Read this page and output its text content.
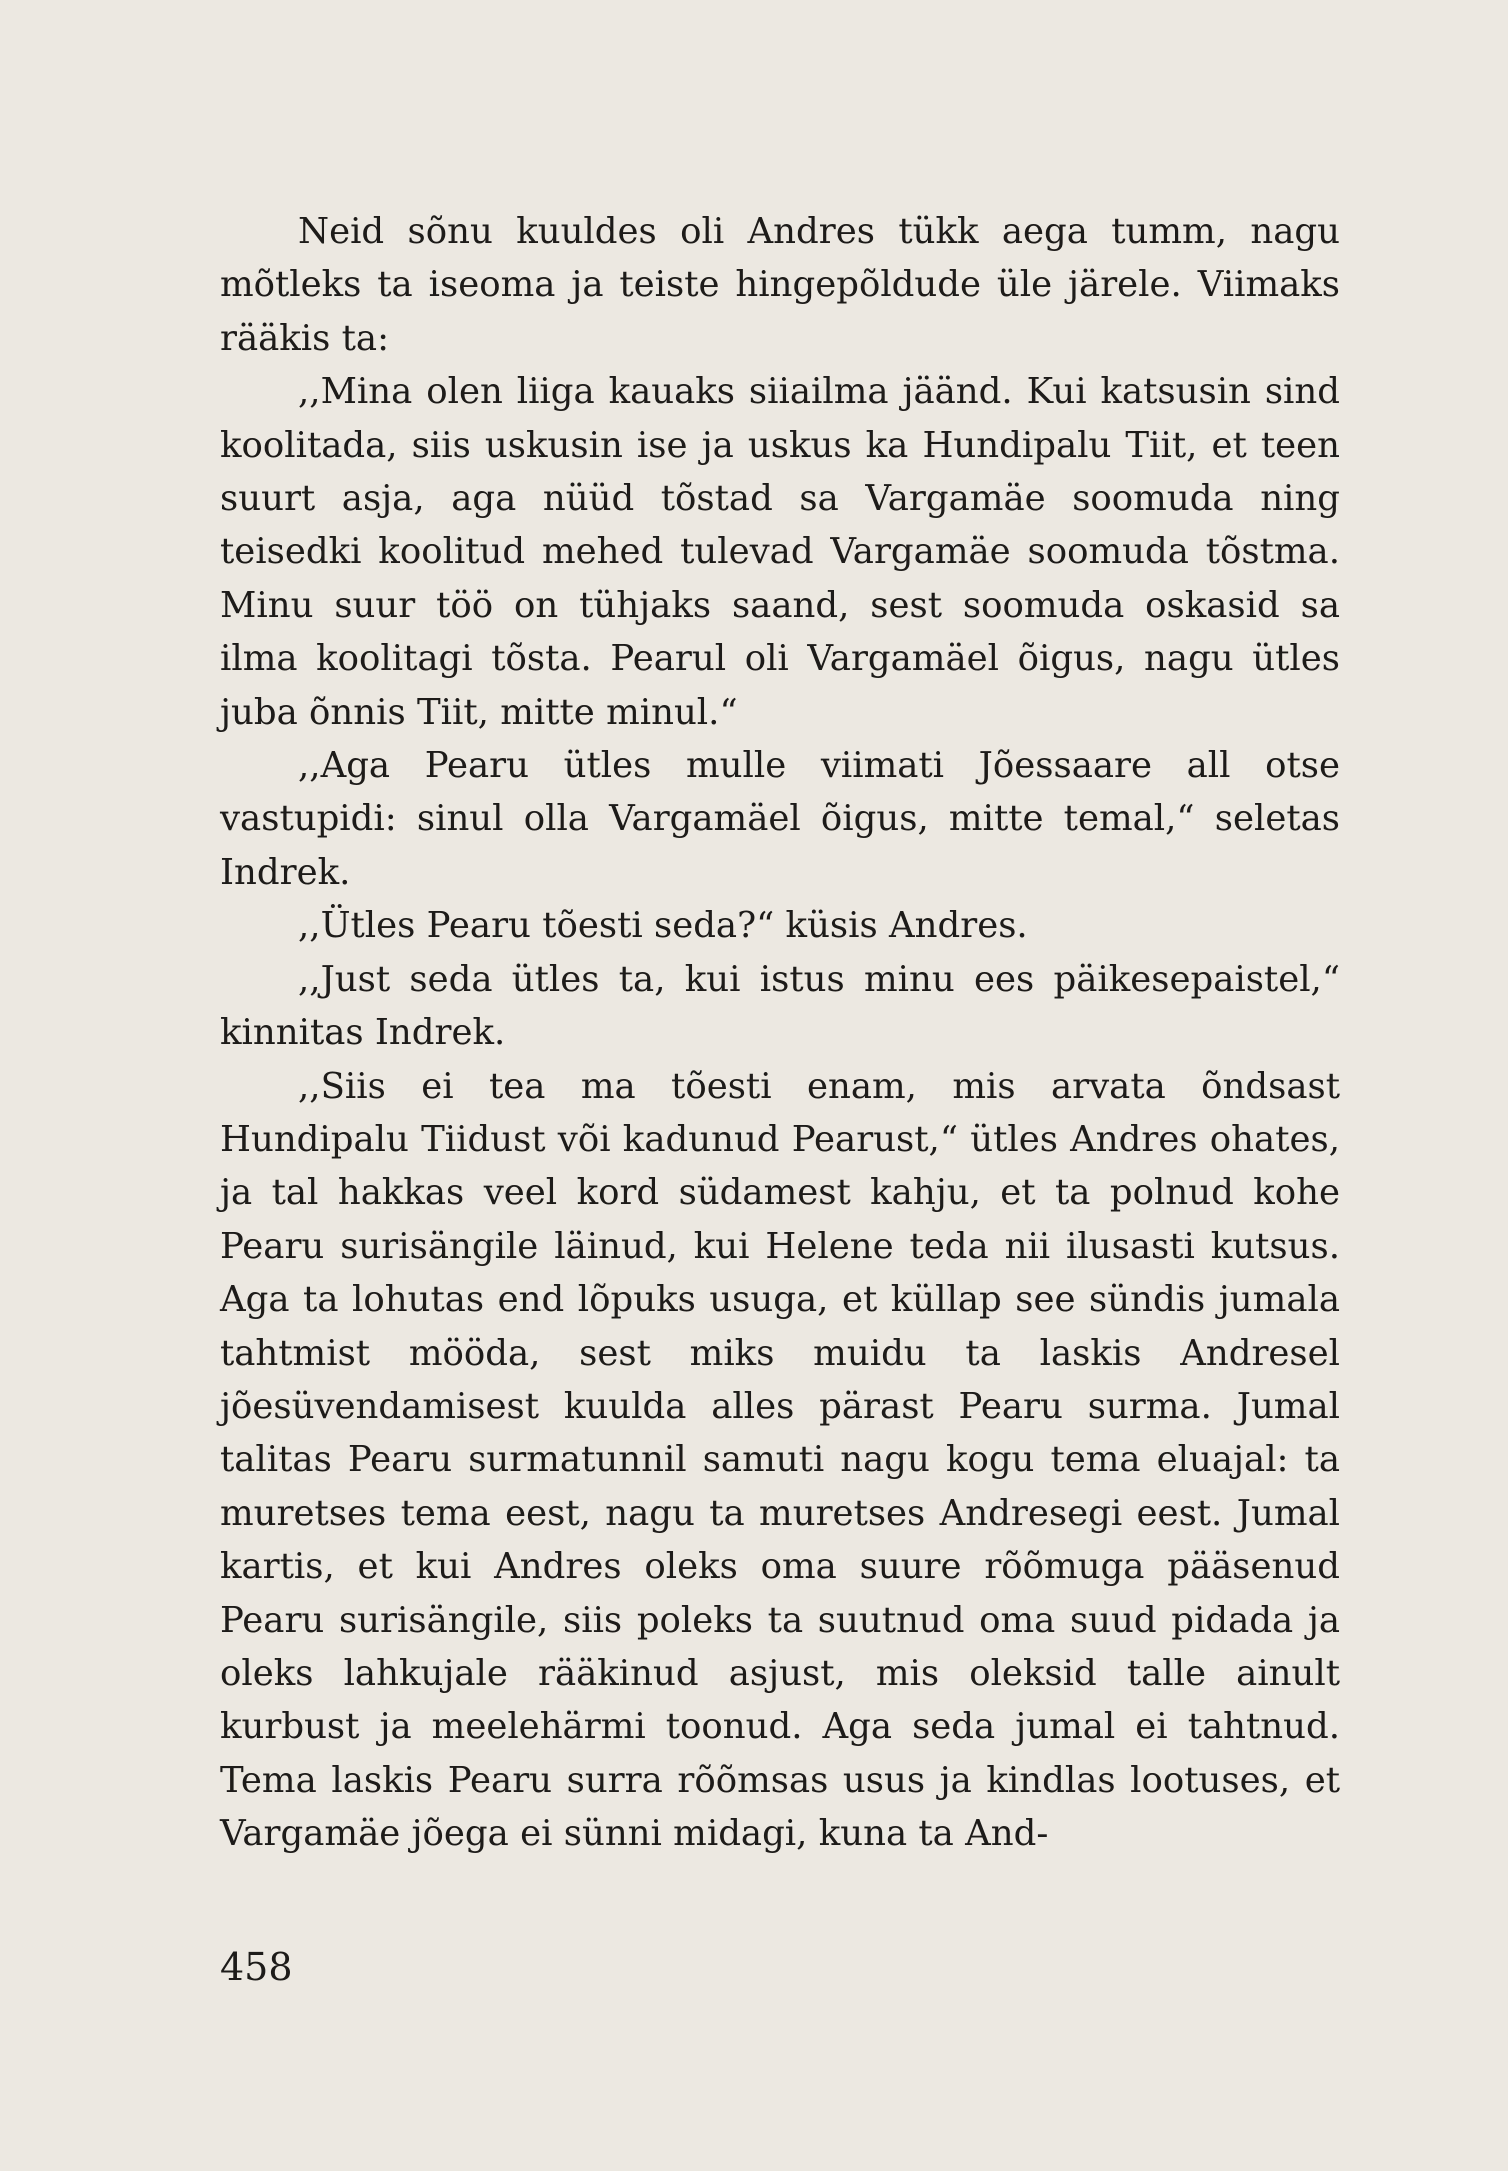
Neid sõnu kuuldes oli Andres tükk aega tumm, nagu mõtleks ta iseoma ja teiste hingepõldude üle järele. Viimaks rääkis ta:

,,Mina olen liiga kauaks siiailma jäänd. Kui katsusin sind koolitada, siis uskusin ise ja uskus ka Hundipalu Tiit, et teen suurt asja, aga nüüd tõstad sa Vargamäe soomuda ning teisedki koolitud mehed tulevad Vargamäe soomuda tõstma. Minu suur töö on tühjaks saand, sest soomuda oskasid sa ilma koolitagi tõsta. Pearul oli Vargamäel õigus, nagu ütles juba õnnis Tiit, mitte minul.“

,,Aga Pearu ütles mulle viimati Jõessaare all otse vastupidi: sinul olla Vargamäel õigus, mitte temal,“ seletas Indrek.

,,Ütles Pearu tõesti seda?“ küsis Andres.

,,Just seda ütles ta, kui istus minu ees päikesepaistel,“ kinnitas Indrek.

,,Siis ei tea ma tõesti enam, mis arvata õndsast Hundipalu Tiidust või kadunud Pearust,“ ütles Andres ohates, ja tal hakkas veel kord südamest kahju, et ta polnud kohe Pearu surisängile läinud, kui Helene teda nii ilusasti kutsus. Aga ta lohutas end lõpuks usuga, et küllap see sündis jumala tahtmist mööda, sest miks muidu ta laskis Andresel jõesüvendamisest kuulda alles pärast Pearu surma. Jumal talitas Pearu surmatunnil samuti nagu kogu tema eluajal: ta muretses tema eest, nagu ta muretses Andresegi eest. Jumal kartis, et kui Andres oleks oma suure rõõmuga pääsenud Pearu surisängile, siis poleks ta suutnud oma suud pidada ja oleks lahkujale rääkinud asjust, mis oleksid talle ainult kurbust ja meelehärmi toonud. Aga seda jumal ei tahtnud. Tema laskis Pearu surra rõõmsas usus ja kindlas lootuses, et Vargamäe jõega ei sünni midagi, kuna ta And-

458
